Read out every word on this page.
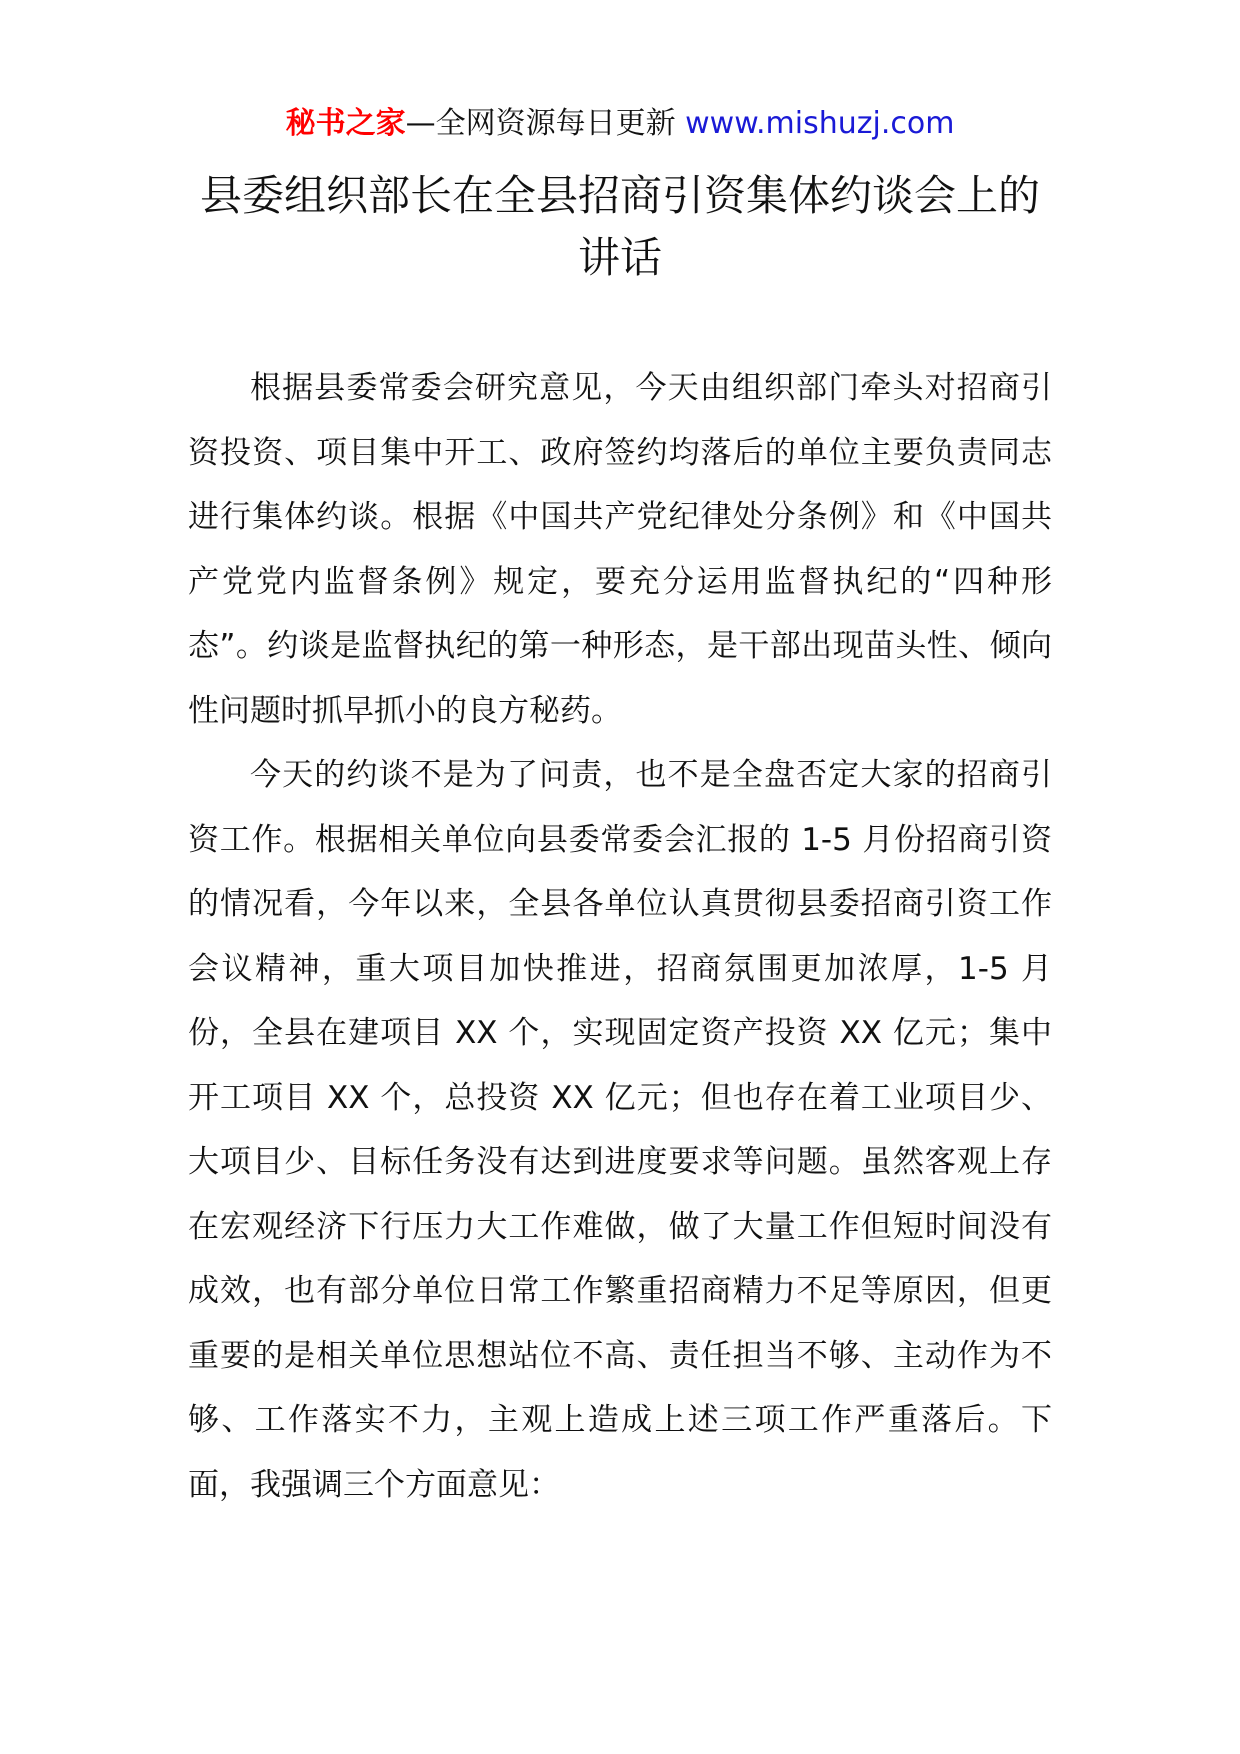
秘书之家—全网资源每日更新 www.mishuzj.com
县委组织部长在全县招商引资集体约谈会上的讲话

根据县委常委会研究意见，今天由组织部门牵头对招商引资投资、项目集中开工、政府签约均落后的单位主要负责同志进行集体约谈。根据《中国共产党纪律处分条例》和《中国共产党党内监督条例》规定，要充分运用监督执纪的“四种形态”。约谈是监督执纪的第一种形态，是干部出现苗头性、倾向性问题时抓早抓小的良方秘药。

今天的约谈不是为了问责，也不是全盘否定大家的招商引资工作。根据相关单位向县委常委会汇报的 1-5 月份招商引资的情况看，今年以来，全县各单位认真贯彻县委招商引资工作会议精神，重大项目加快推进，招商氛围更加浓厚，1-5 月份，全县在建项目 XX 个，实现固定资产投资 XX 亿元；集中开工项目 XX 个，总投资 XX 亿元；但也存在着工业项目少、大项目少、目标任务没有达到进度要求等问题。虽然客观上存在宏观经济下行压力大工作难做，做了大量工作但短时间没有成效，也有部分单位日常工作繁重招商精力不足等原因，但更重要的是相关单位思想站位不高、责任担当不够、主动作为不够、工作落实不力，主观上造成上述三项工作严重落后。下面，我强调三个方面意见：
